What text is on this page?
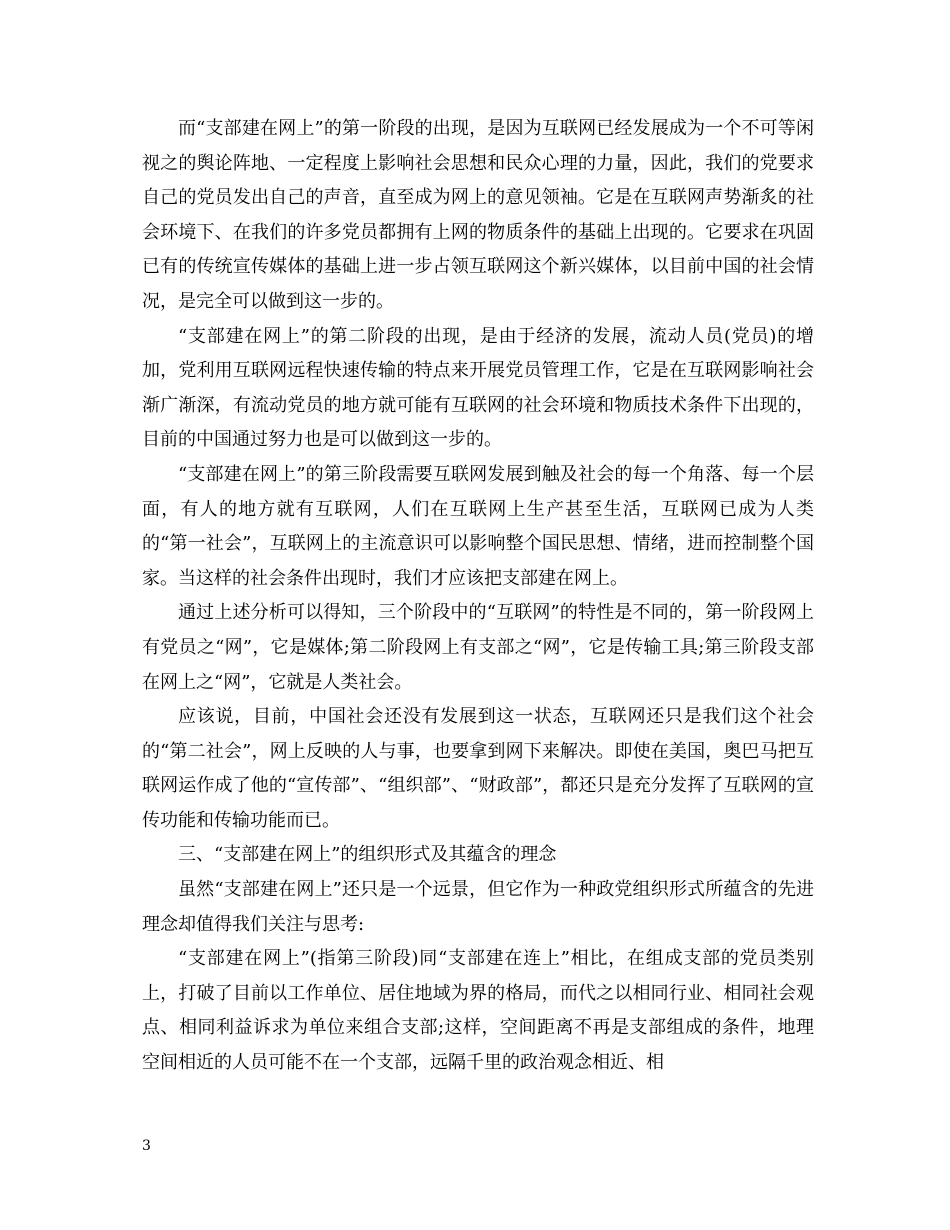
而“支部建在网上”的第一阶段的出现，是因为互联网已经发展成为一个不可等闲视之的舆论阵地、一定程度上影响社会思想和民众心理的力量，因此，我们的党要求自己的党员发出自己的声音，直至成为网上的意见领袖。它是在互联网声势渐炙的社会环境下、在我们的许多党员都拥有上网的物质条件的基础上出现的。它要求在巩固已有的传统宣传媒体的基础上进一步占领互联网这个新兴媒体，以目前中国的社会情况，是完全可以做到这一步的。

“支部建在网上”的第二阶段的出现，是由于经济的发展，流动人员(党员)的增加，党利用互联网远程快速传输的特点来开展党员管理工作，它是在互联网影响社会渐广渐深，有流动党员的地方就可能有互联网的社会环境和物质技术条件下出现的，目前的中国通过努力也是可以做到这一步的。

“支部建在网上”的第三阶段需要互联网发展到触及社会的每一个角落、每一个层面，有人的地方就有互联网，人们在互联网上生产甚至生活，互联网已成为人类的“第一社会”，互联网上的主流意识可以影响整个国民思想、情绪，进而控制整个国家。当这样的社会条件出现时，我们才应该把支部建在网上。

通过上述分析可以得知，三个阶段中的“互联网”的特性是不同的，第一阶段网上有党员之“网”，它是媒体;第二阶段网上有支部之“网”，它是传输工具;第三阶段支部在网上之“网”，它就是人类社会。

应该说，目前，中国社会还没有发展到这一状态，互联网还只是我们这个社会的“第二社会”，网上反映的人与事，也要拿到网下来解决。即使在美国，奥巴马把互联网运作成了他的“宣传部”、“组织部”、“财政部”，都还只是充分发挥了互联网的宣传功能和传输功能而已。

三、“支部建在网上”的组织形式及其蕴含的理念

虽然“支部建在网上”还只是一个远景，但它作为一种政党组织形式所蕴含的先进理念却值得我们关注与思考:

“支部建在网上”(指第三阶段)同“支部建在连上”相比，在组成支部的党员类别上，打破了目前以工作单位、居住地域为界的格局，而代之以相同行业、相同社会观点、相同利益诉求为单位来组合支部;这样，空间距离不再是支部组成的条件，地理空间相近的人员可能不在一个支部，远隔千里的政治观念相近、相

3
